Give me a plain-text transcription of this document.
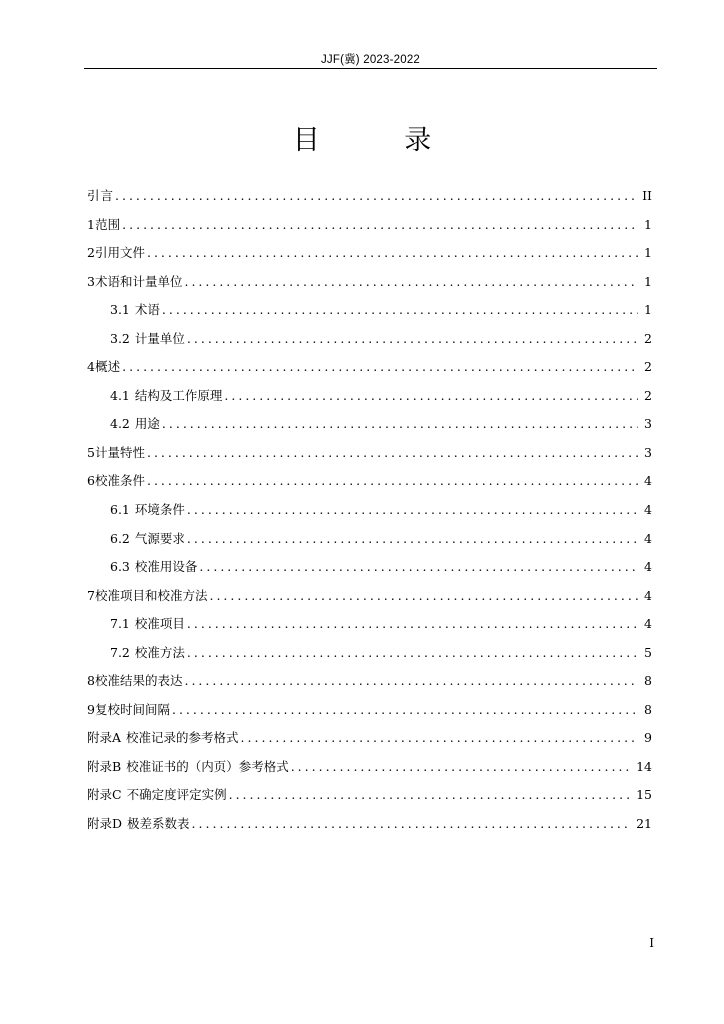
JJF(冀) 2023-2022
目 录
引 言 .....	II
1 范围 .....	1
2 引用文件 .....	1
3 术语和计量单位 .....	1
3.1 术语 .....	1
3.2 计量单位 .....	2
4 概述 .....	2
4.1 结构及工作原理 .....	2
4.2 用途 .....	3
5 计量特性 .....	3
6 校准条件 .....	4
6.1 环境条件 .....	4
6.2 气源要求 .....	4
6.3 校准用设备 .....	4
7 校准项目和校准方法 .....	4
7.1 校准项目 .....	4
7.2 校准方法 .....	5
8 校准结果的表达 .....	8
9 复校时间间隔 .....	8
附录A 校准记录的参考格式 .....	9
附录B 校准证书的（内页）参考格式 .....	14
附录C 不确定度评定实例 .....	15
附录D 极差系数表 .....	21
I
